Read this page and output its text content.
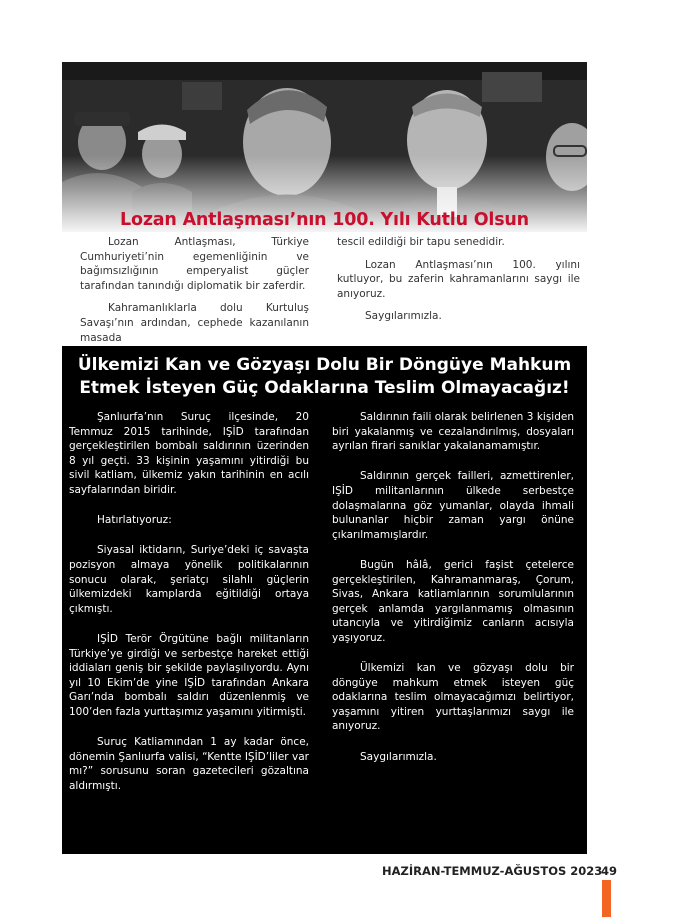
Lozan Antlaşması’nın 100. Yılı Kutlu Olsun

Lozan Antlaşması, Türkiye Cumhuriyeti’nin egemenliğinin ve bağımsızlığının emperyalist güçler tarafından tanındığı diplomatik bir zaferdir.

Kahramanlıklarla dolu Kurtuluş Savaşı’nın ardından, cephede kazanılanın masada

tescil edildiği bir tapu senedidir.

Lozan Antlaşması’nın 100. yılını kutluyor, bu zaferin kahramanlarını saygı ile anıyoruz.

Saygılarımızla.

Ülkemizi Kan ve Gözyaşı Dolu Bir Döngüye Mahkum
Etmek İsteyen Güç Odaklarına Teslim Olmayacağız!

Şanlıurfa’nın Suruç ilçesinde, 20 Temmuz 2015 tarihinde, IŞİD tarafından gerçekleştirilen bombalı saldırının üzerinden 8 yıl geçti. 33 kişinin yaşamını yitirdiği bu sivil katliam, ülkemiz yakın tarihinin en acılı sayfalarından biridir.

Hatırlatıyoruz:

Siyasal iktidarın, Suriye’deki iç savaşta pozisyon almaya yönelik politikalarının sonucu olarak, şeriatçı silahlı güçlerin ülkemizdeki kamplarda eğitildiği ortaya çıkmıştı.

IŞİD Terör Örgütüne bağlı militanların Türkiye’ye girdiği ve serbestçe hareket ettiği iddiaları geniş bir şekilde paylaşılıyordu. Aynı yıl 10 Ekim’de yine IŞİD tarafından Ankara Garı’nda bombalı saldırı düzenlenmiş ve 100’den fazla yurttaşımız yaşamını yitirmişti.

Suruç Katliamından 1 ay kadar önce, dönemin Şanlıurfa valisi, “Kentte IŞİD’liler var mı?” sorusunu soran gazetecileri gözaltına aldırmıştı.

Saldırının faili olarak belirlenen 3 kişiden biri yakalanmış ve cezalandırılmış, dosyaları ayrılan firari sanıklar yakalanamamıştır.

Saldırının gerçek failleri, azmettirenler, IŞİD militanlarının ülkede serbestçe dolaşmalarına göz yumanlar, olayda ihmali bulunanlar hiçbir zaman yargı önüne çıkarılmamışlardır.

Bugün hâlâ, gerici faşist çetelerce gerçekleştirilen, Kahramanmaraş, Çorum, Sivas, Ankara katliamlarının sorumlularının gerçek anlamda yargılanmamış olmasının utancıyla ve yitirdiğimiz canların acısıyla yaşıyoruz.

Ülkemizi kan ve gözyaşı dolu bir döngüye mahkum etmek isteyen güç odaklarına teslim olmayacağımızı belirtiyor, yaşamını yitiren yurttaşlarımızı saygı ile anıyoruz.

Saygılarımızla.

HAZİRAN-TEMMUZ-AĞUSTOS 2023
49
